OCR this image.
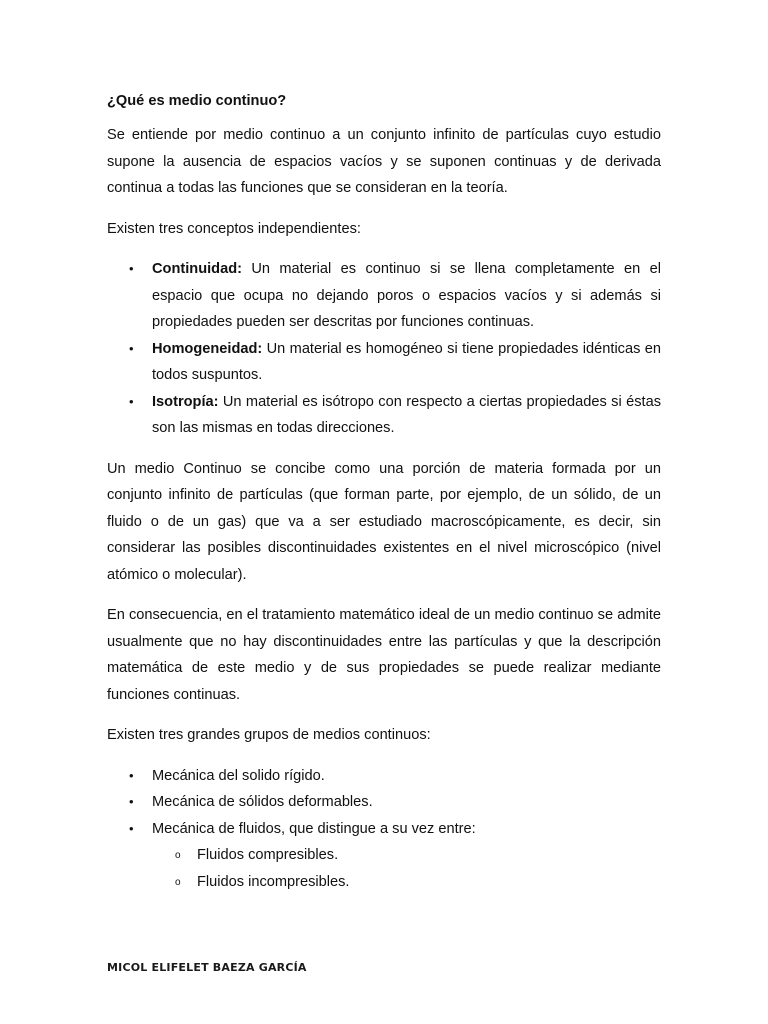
¿Qué es medio continuo?

Se entiende por medio continuo a un conjunto infinito de partículas cuyo estudio supone la ausencia de espacios vacíos y se suponen continuas y de derivada continua a todas las funciones que se consideran en la teoría.

Existen tres conceptos independientes:

• Continuidad: Un material es continuo si se llena completamente en el espacio que ocupa no dejando poros o espacios vacíos y si además si propiedades pueden ser descritas por funciones continuas.
• Homogeneidad: Un material es homogéneo si tiene propiedades idénticas en todos suspuntos.
• Isotropía: Un material es isótropo con respecto a ciertas propiedades si éstas son las mismas en todas direcciones.

Un medio Continuo se concibe como una porción de materia formada por un conjunto infinito de partículas (que forman parte, por ejemplo, de un sólido, de un fluido o de un gas) que va a ser estudiado macroscópicamente, es decir, sin considerar las posibles discontinuidades existentes en el nivel microscópico (nivel atómico o molecular).

En consecuencia, en el tratamiento matemático ideal de un medio continuo se admite usualmente que no hay discontinuidades entre las partículas y que la descripción matemática de este medio y de sus propiedades se puede realizar mediante funciones continuas.

Existen tres grandes grupos de medios continuos:

• Mecánica del solido rígido.
• Mecánica de sólidos deformables.
• Mecánica de fluidos, que distingue a su vez entre:
o Fluidos compresibles.
o Fluidos incompresibles.
MICOL ELIFELET BAEZA GARCÍA
